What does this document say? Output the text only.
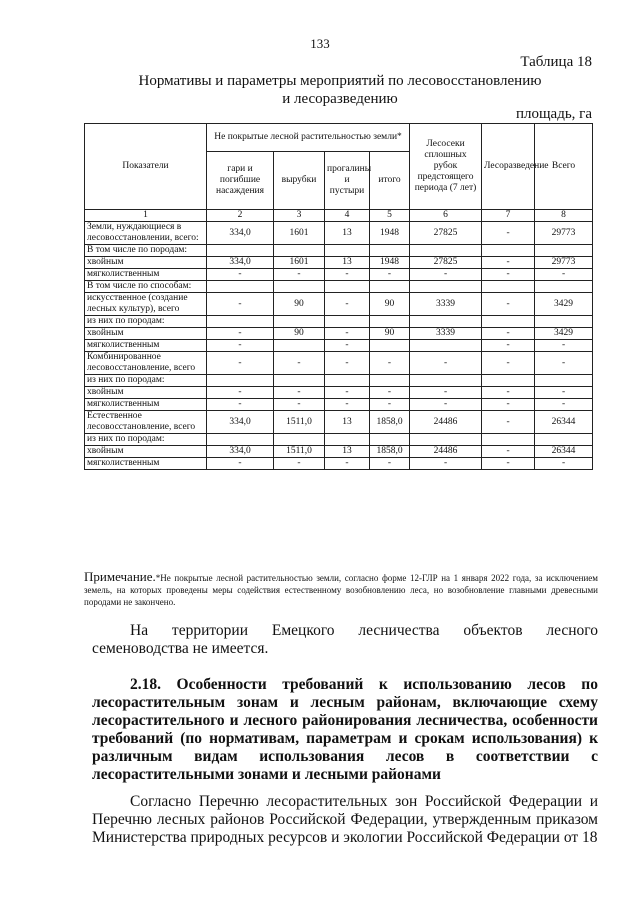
133
Таблица 18
Нормативы и параметры мероприятий по лесовосстановлению
и лесоразведению
площадь, га
Показатели	Не покрытые лесной растительностью земли*				Лесосеки сплошных рубок предстоящего периода (7 лет)	Лесоразведение	Всего
	гари и погибшие насаждения	вырубки	прогалины и пустыри	итого			
1	2	3	4	5	6	7	8
Земли, нуждающиеся в лесовосстановлении, всего:	334,0	1601	13	1948	27825	-	29773
В том числе по породам:							
хвойным	334,0	1601	13	1948	27825	-	29773
мягколиственным	-	-	-	-	-	-	-
В том числе по способам:							
искусственное (создание лесных культур), всего	-	90	-	90	3339	-	3429
из них по породам:							
хвойным	-	90	-	90	3339	-	3429
мягколиственным	-		-			-	-
Комбинированное лесовосстановление, всего	-	-	-	-	-	-	-
из них по породам:							
хвойным	-	-	-	-	-	-	-
мягколиственным	-	-	-	-	-	-	-
Естественное лесовосстановление, всего	334,0	1511,0	13	1858,0	24486	-	26344
из них по породам:							
хвойным	334,0	1511,0	13	1858,0	24486	-	26344
мягколиственным	-	-	-	-	-	-	-
Примечание.*Не покрытые лесной растительностью земли, согласно форме 12-ГЛР на 1 января 2022 года, за исключением земель, на которых проведены меры содействия естественному возобновлению леса, но возобновление главными древесными породами не закончено.
На территории Емецкого лесничества объектов лесного семеноводства не имеется.
2.18. Особенности требований к использованию лесов по лесорастительным зонам и лесным районам, включающие схему лесорастительного и лесного районирования лесничества, особенности требований (по нормативам, параметрам и срокам использования) к различным видам использования лесов в соответствии с лесорастительными зонами и лесными районами
Согласно Перечню лесорастительных зон Российской Федерации и Перечню лесных районов Российской Федерации, утвержденным приказом Министерства природных ресурсов и экологии Российской Федерации от 18
